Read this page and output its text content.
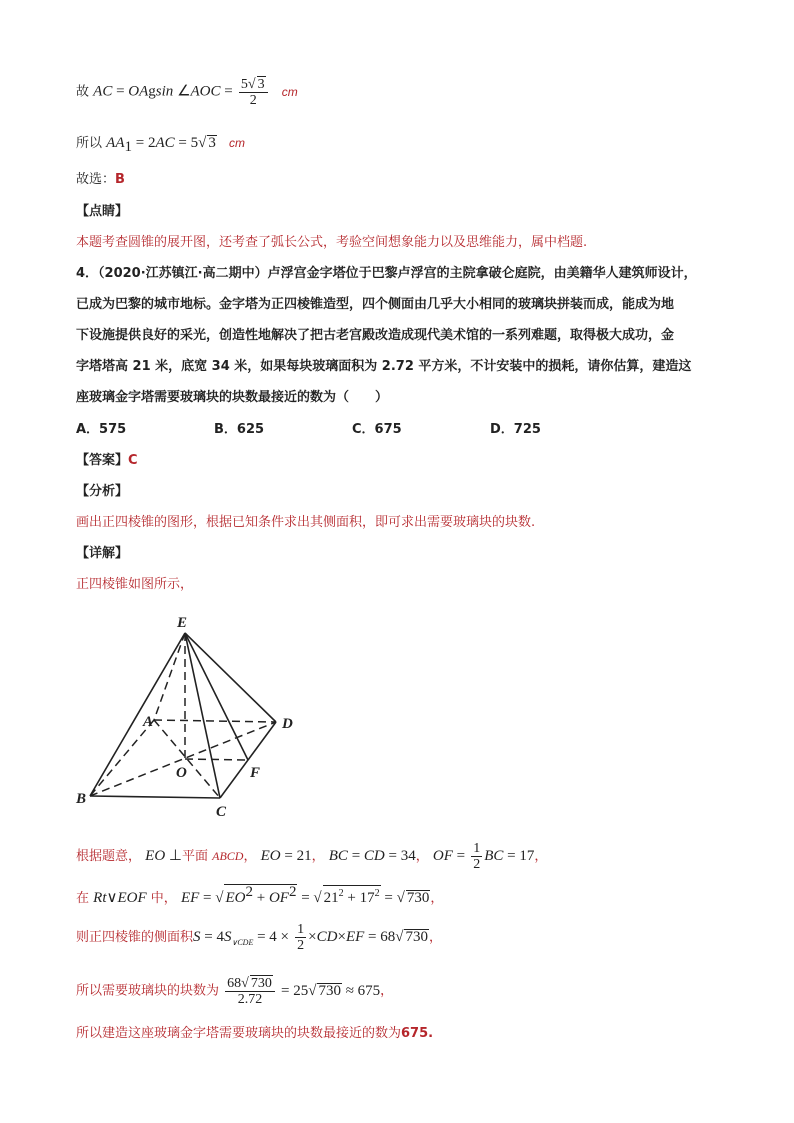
故 AC = OAgsin ∠AOC = $\frac{5√ 3}{2}$ cm
所以 $AA_1 = 2AC = 5√$ 3 cm
故选：B
【点睛】
本题考查圆锥的展开图，还考查了弧长公式，考验空间想象能力以及思维能力，属中档题.
4．（2020·江苏镇江·高二期中）卢浮宫金字塔位于巴黎卢浮宫的主院拿破仑庭院，由美籍华人建筑师设计，
已成为巴黎的城市地标。金字塔为正四棱锥造型，四个侧面由几乎大小相同的玻璃块拼装而成，能成为地
下设施提供良好的采光，创造性地解决了把古老宫殿改造成现代美术馆的一系列难题，取得极大成功，金
字塔塔高 21 米，底宽 34 米，如果每块玻璃面积为 2.72 平方米，不计安装中的损耗，请你估算，建造这
座玻璃金字塔需要玻璃块的块数最接近的数为（　　）
A．575	B．625	C．675	D．725
【答案】C
【分析】
画出正四棱锥的图形，根据已知条件求出其侧面积，即可求出需要玻璃块的块数.
【详解】
正四棱锥如图所示，
E
A	D
O	F
B
C
根据题意， EO ⊥平面 ABCD， EO = 21， BC = CD = 34， OF = $\frac{1}{2}$ BC = 17，
在 Rt∨EOF 中， EF = √ $EO^2 + OF^2$ = √ $21^2 + 17^2$ = √ 730，
则正四棱锥的侧面积$S = 4S_{\vee CDE} = 4 \times \frac{1}{2} \times CD\times EF = 68√$ 730，
所以需要玻璃块的块数为 $\frac{68√ 730}{2.72} = 25√$ 730 ≈ 675，
所以建造这座玻璃金字塔需要玻璃块的块数最接近的数为675.
